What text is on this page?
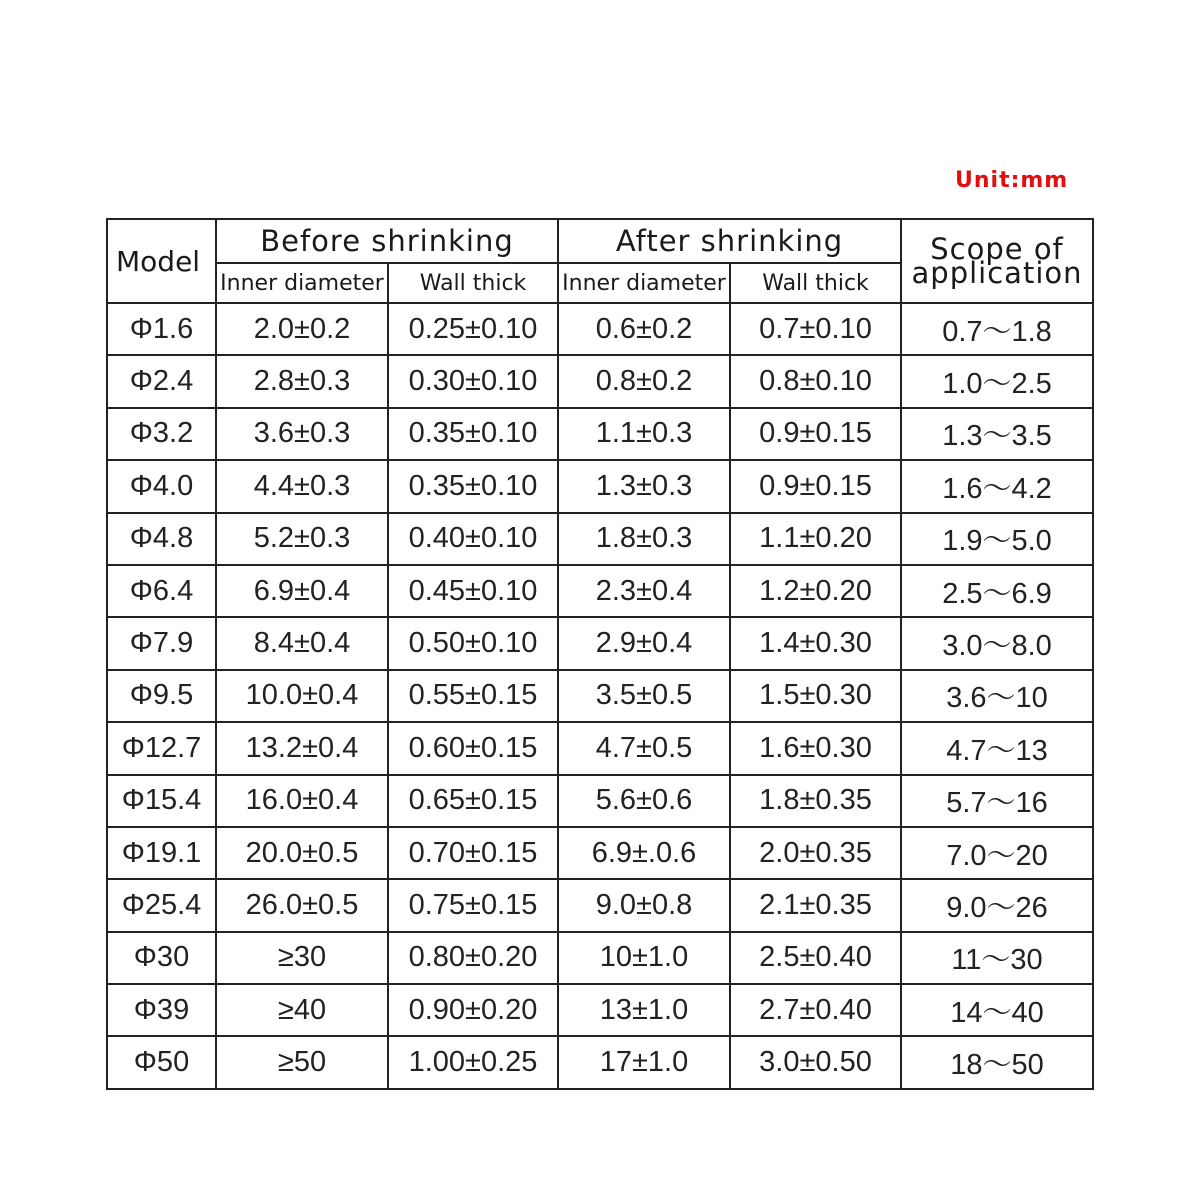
Unit:mm
Model	Before shrinking		After shrinking		Scope of
application

	Inner diameter	Wall thick	Inner diameter	Wall thick	
Φ1.6	2.0±0.2	0.25±0.10	0.6±0.2	0.7±0.10	0.7～1.8
Φ2.4	2.8±0.3	0.30±0.10	0.8±0.2	0.8±0.10	1.0～2.5
Φ3.2	3.6±0.3	0.35±0.10	1.1±0.3	0.9±0.15	1.3～3.5
Φ4.0	4.4±0.3	0.35±0.10	1.3±0.3	0.9±0.15	1.6～4.2
Φ4.8	5.2±0.3	0.40±0.10	1.8±0.3	1.1±0.20	1.9～5.0
Φ6.4	6.9±0.4	0.45±0.10	2.3±0.4	1.2±0.20	2.5～6.9
Φ7.9	8.4±0.4	0.50±0.10	2.9±0.4	1.4±0.30	3.0～8.0
Φ9.5	10.0±0.4	0.55±0.15	3.5±0.5	1.5±0.30	3.6～10
Φ12.7	13.2±0.4	0.60±0.15	4.7±0.5	1.6±0.30	4.7～13
Φ15.4	16.0±0.4	0.65±0.15	5.6±0.6	1.8±0.35	5.7～16
Φ19.1	20.0±0.5	0.70±0.15	6.9±.0.6	2.0±0.35	7.0～20
Φ25.4	26.0±0.5	0.75±0.15	9.0±0.8	2.1±0.35	9.0～26
Φ30	≥30	0.80±0.20	10±1.0	2.5±0.40	11～30
Φ39	≥40	0.90±0.20	13±1.0	2.7±0.40	14～40
Φ50	≥50	1.00±0.25	17±1.0	3.0±0.50	18～50
